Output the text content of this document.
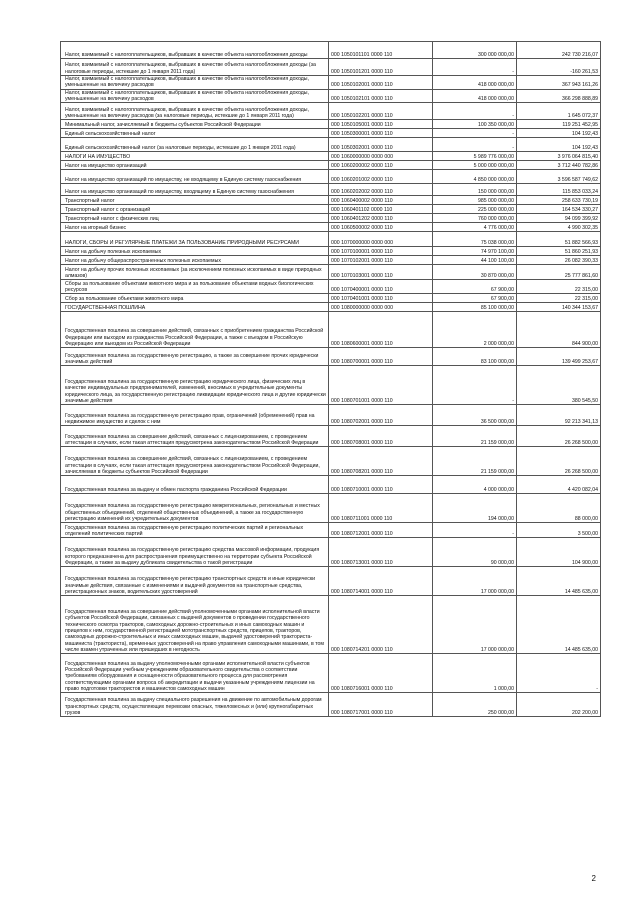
Налог, взимаемый с налогоплательщиков, выбравших в качестве объекта налогообложения доходы	000 1050101101 0000 110	300 000 000,00	242 730 216,07
Налог, взимаемый с налогоплательщиков, выбравших в качестве объекта налогообложения доходы (за налоговые периоды, истекшие до 1 января 2011 года)	000 1050101201 0000 110	-	-160 261,53
Налог, взимаемый с налогоплательщиков, выбравших в качестве объекта налогообложения доходы, уменьшенные на величину расходов	000 1050102001 0000 110	418 000 000,00	367 943 161,26
Налог, взимаемый с налогоплательщиков, выбравших в качестве объекта налогообложения доходы, уменьшенные на величину расходов	000 1050102101 0000 110	418 000 000,00	366 298 888,89
Налог, взимаемый с налогоплательщиков, выбравших в качестве объекта налогообложения доходы, уменьшенные на величину расходов (за налоговые периоды, истекшие до 1 января 2011 года)	000 1050102201 0000 110	-	1 645 072,37
Минимальный налог, зачисляемый в бюджеты субъектов Российской Федерации	000 1050105001 0000 110	100 350 000,00	119 251 452,95
Единый сельскохозяйственный налог	000 1050300001 0000 110	-	104 192,43
Единый сельскохозяйственный налог (за налоговые периоды, истекшие до 1 января 2011 года)	000 1050302001 0000 110	-	104 192,43
НАЛОГИ НА ИМУЩЕСТВО	000 1060000000 0000 000	5 989 776 000,00	3 976 064 815,40
Налог на имущество организаций	000 1060200002 0000 110	5 000 000 000,00	3 712 440 782,86
Налог на имущество организаций по имуществу, не входящему в Единую систему газоснабжения	000 1060201002 0000 110	4 850 000 000,00	3 596 587 749,62
Налог на имущество организаций по имуществу, входящему в Единую систему газоснабжения	000 1060202002 0000 110	150 000 000,00	115 853 033,24
Транспортный налог	000 1060400002 0000 110	985 000 000,00	258 633 730,19
Транспортный налог с организаций	000 1060401102 0000 110	225 000 000,00	164 534 330,27
Транспортный налог с физических лиц	000 1060401202 0000 110	760 000 000,00	94 099 399,92
Налог на игорный бизнес	000 1060500002 0000 110	4 776 000,00	4 990 302,35
НАЛОГИ, СБОРЫ И РЕГУЛЯРНЫЕ ПЛАТЕЖИ ЗА ПОЛЬЗОВАНИЕ ПРИРОДНЫМИ РЕСУРСАМИ	000 1070000000 0000 000	75 038 000,00	51 882 566,93
Налог на добычу полезных ископаемых	000 1070100001 0000 110	74 970 100,00	51 860 251,93
Налог на добычу общераспространенных полезных ископаемых	000 1070102001 0000 110	44 100 100,00	26 082 390,33
Налог на добычу прочих полезных ископаемых (за исключением полезных ископаемых в виде природных алмазов)	000 1070103001 0000 110	30 870 000,00	25 777 861,60
Сборы за пользование объектами животного мира и за пользование объектами водных биологических ресурсов	000 1070400001 0000 110	67 900,00	22 315,00
Сбор за пользование объектами животного мира	000 1070401001 0000 110	67 900,00	22 315,00
ГОСУДАРСТВЕННАЯ ПОШЛИНА	000 1080000000 0000 000	85 100 000,00	140 344 153,67
Государственная пошлина за совершение действий, связанных с приобретением гражданства Российской Федерации или выходом из гражданства Российской Федерации, а также с въездом в Российскую Федерацию или выездом из Российской Федерации	000 1080600001 0000 110	2 000 000,00	844 900,00
Государственная пошлина за государственную регистрацию, а также за совершение прочих юридически значимых действий	000 1080700001 0000 110	83 100 000,00	139 499 253,67
Государственная пошлина за государственную регистрацию юридического лица, физических лиц в качестве индивидуальных предпринимателей, изменений, вносимых в учредительные документы юридического лица, за государственную регистрацию ликвидации юридического лица и другие юридически значимые действия	000 1080701001 0000 110	-	380 545,50
Государственная пошлина за государственную регистрацию прав, ограничений (обременений) прав на недвижимое имущество и сделок с ним	000 1080702001 0000 110	36 500 000,00	92 213 341,13
Государственная пошлина за совершение действий, связанных с лицензированием, с проведением аттестации в случаях, если такая аттестация предусмотрена законодательством Российской Федерации	000 1080708001 0000 110	21 159 000,00	26 268 500,00
Государственная пошлина за совершение действий, связанных с лицензированием, с проведением аттестации в случаях, если такая аттестация предусмотрена законодательством Российской Федерации, зачисляемая в бюджеты субъектов Российской Федерации	000 1080708201 0000 110	21 159 000,00	26 268 500,00
Государственная пошлина за выдачу и обмен паспорта гражданина Российской Федерации	000 1080710001 0000 110	4 000 000,00	4 420 082,04
Государственная пошлина за государственную регистрацию межрегиональных, региональных и местных общественных объединений, отделений общественных объединений, а также за государственную регистрацию изменений их учредительных документов	000 1080711001 0000 110	194 000,00	88 000,00
Государственная пошлина за государственную регистрацию политических партий и региональных отделений политических партий	000 1080712001 0000 110	-	3 500,00
Государственная пошлина за государственную регистрацию средства массовой информации, продукция которого предназначена для распространения преимущественно на территории субъекта Российской Федерации, а также за выдачу дубликата свидетельства о такой регистрации	000 1080713001 0000 110	90 000,00	104 900,00
Государственная пошлина за государственную регистрацию транспортных средств и иные юридически значимые действия, связанные с изменениями и выдачей документов на транспортные средства, регистрационных знаков, водительских удостоверений	000 1080714001 0000 110	17 000 000,00	14 485 635,00
Государственная пошлина за совершение действий уполномоченными органами исполнительной власти субъектов Российской Федерации, связанных с выдачей документов о проведении государственного технического осмотра тракторов, самоходных дорожно-строительных и иных самоходных машин и прицепов к ним, государственной регистрацией мототранспортных средств, прицепов, тракторов, самоходных дорожно-строительных и иных самоходных машин, выдачей удостоверений тракториста-машиниста (тракториста), временных удостоверений на право управления самоходными машинами, в том числе взамен утраченных или пришедших в негодность	000 1080714201 0000 110	17 000 000,00	14 485 635,00
Государственная пошлина за выдачу уполномоченными органами исполнительной власти субъектов Российской Федерации учебным учреждениям образовательного свидетельства о соответствии требованиям оборудования и оснащенности образовательного процесса для рассмотрения соответствующими органами вопроса об аккредитации и выдачи указанным учреждениям лицензии на право подготовки трактористов и машинистов самоходных машин	000 1080716001 0000 110	1 000,00	-
Государственная пошлина за выдачу специального разрешения на движение по автомобильным дорогам транспортных средств, осуществляющих перевозки опасных, тяжеловесных и (или) крупногабаритных грузов	000 1080717001 0000 110	250 000,00	202 200,00
2
